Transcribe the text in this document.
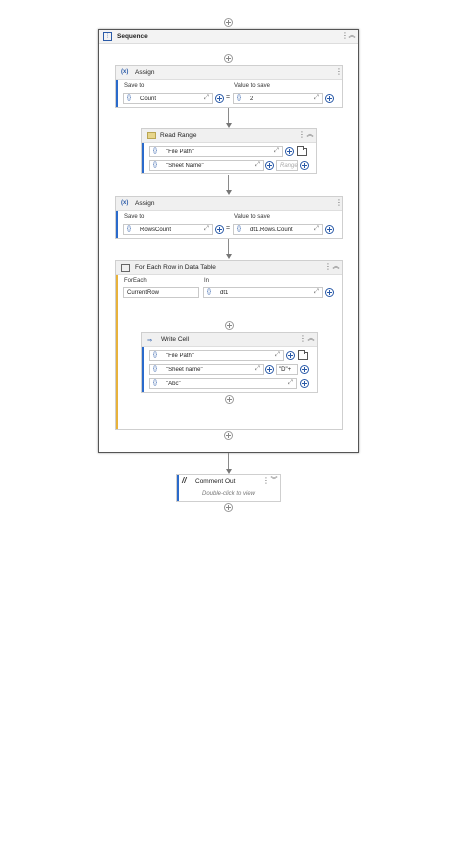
⋮ Sequence	⋮ ︽
(x) Assign	⋮
Save to	Value to save
{} Count	⤢ = {} 2	⤢
Read Range	⋮ ︽
{} "File Path"	⤢
{} "Sheet Name"	⤢	Range
(x) Assign	⋮
Save to	Value to save
{} RowsCount	⤢ = {} dt1.Rows.Count	⤢
For Each Row in Data Table	⋮ ︽
ForEach	In
CurrentRow	{} dt1	⤢
⇒ Write Cell	⋮ ︽
{} "File Path"	⤢
{} "Sheet name"	⤢	"D"+
{} "Abc"	⤢
// Comment Out	⋮ ︾
Double-click to view
